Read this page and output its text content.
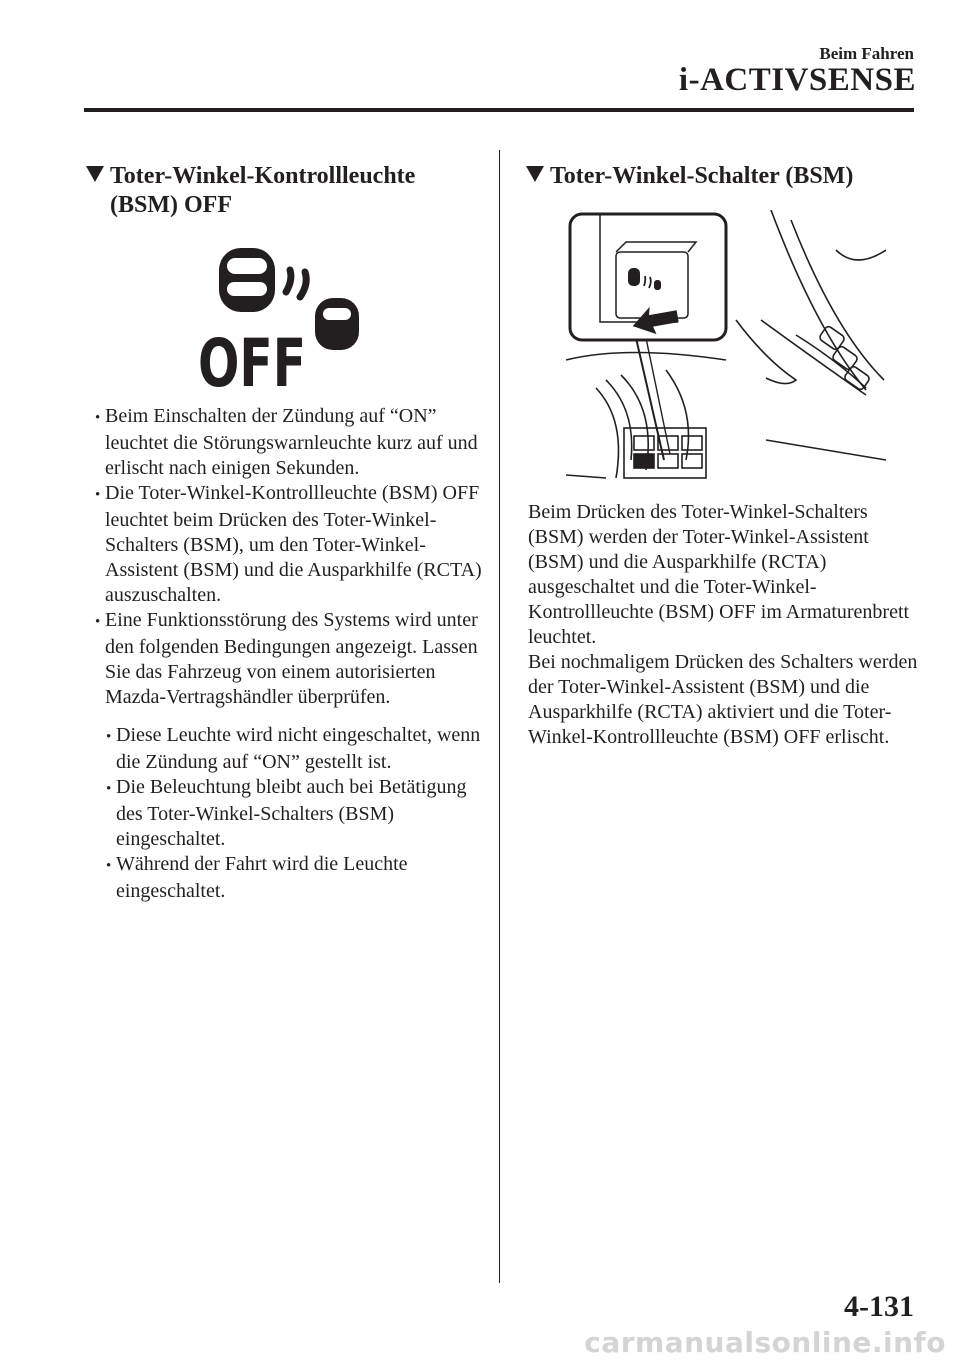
Beim Fahren
i-ACTIVSENSE
Toter-Winkel-Kontrollleuchte
(BSM) OFF
OFF
• Beim Einschalten der Zündung auf “ON” leuchtet die Störungswarnleuchte kurz auf und erlischt nach einigen Sekunden.
• Die Toter-Winkel-Kontrollleuchte (BSM) OFF leuchtet beim Drücken des Toter-Winkel-Schalters (BSM), um den Toter-Winkel-Assistent (BSM) und die Ausparkhilfe (RCTA) auszuschalten.
• Eine Funktionsstörung des Systems wird unter den folgenden Bedingungen angezeigt. Lassen Sie das Fahrzeug von einem autorisierten Mazda-Vertragshändler überprüfen.
• Diese Leuchte wird nicht eingeschaltet, wenn die Zündung auf “ON” gestellt ist.
• Die Beleuchtung bleibt auch bei Betätigung des Toter-Winkel-Schalters (BSM) eingeschaltet.
• Während der Fahrt wird die Leuchte eingeschaltet.
Toter-Winkel-Schalter (BSM)

Beim Drücken des Toter-Winkel-Schalters (BSM) werden der Toter-Winkel-Assistent (BSM) und die Ausparkhilfe (RCTA) ausgeschaltet und die Toter-Winkel-Kontrollleuchte (BSM) OFF im Armaturenbrett leuchtet.

Bei nochmaligem Drücken des Schalters werden der Toter-Winkel-Assistent (BSM) und die Ausparkhilfe (RCTA) aktiviert und die Toter-Winkel-Kontrollleuchte (BSM) OFF erlischt.

4-131
carmanualsonline.info
